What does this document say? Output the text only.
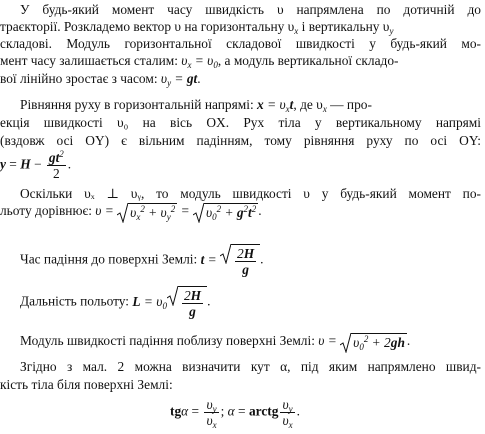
У будь-який момент часу швидкість υ напрямлена по дотичній до
траєкторії. Розкладемо вектор υ на горизонтальну $\upsilon_x$ і вертикальну $\upsilon_y$
складові. Модуль горизонтальної складової швидкості у будь-який мо-
мент часу залишається сталим: $\upsilon_x = \upsilon_0$, а модуль вертикальної складо-
вої лінійно зростає з часом: $\upsilon_y$ = gt.
Рівняння руху в горизонтальній напрямі: $x = \upsilon_xt$, де $\upsilon_x$ — про-
екція швидкості υ₀ на вісь OX. Рух тіла у вертикальному напрямі
(вздовж осі OY) є вільним падінням, тому рівняння руху по осі OY:
$y = H - \frac{gt^2}{2}$ .
Оскільки υₓ ⊥ υᵧ, то модуль швидкості υ у будь-який момент по-
льоту дорівнює: υ =
$\upsilon_x^2 + \upsilon_y^2$ =
$\upsilon_0^2 + g^2t^2$ .
Час падіння до поверхні Землі: $t = \frac{2H}{g}$ .
Дальність польоту: $L = \upsilon_0 \frac{2H}{g}$ .
Модуль швидкості падіння поблизу поверхні Землі: υ =
$\upsilon_0^2 + 2gh$ .
Згідно з мал. 2 можна визначити кут α, під яким напрямлено швид-
кість тіла біля поверхні Землі:
$tg\alpha = \frac{\upsilon_y}{\upsilon_x}$ ; α = arctg $\frac{\upsilon_y}{\upsilon_x}$ .
